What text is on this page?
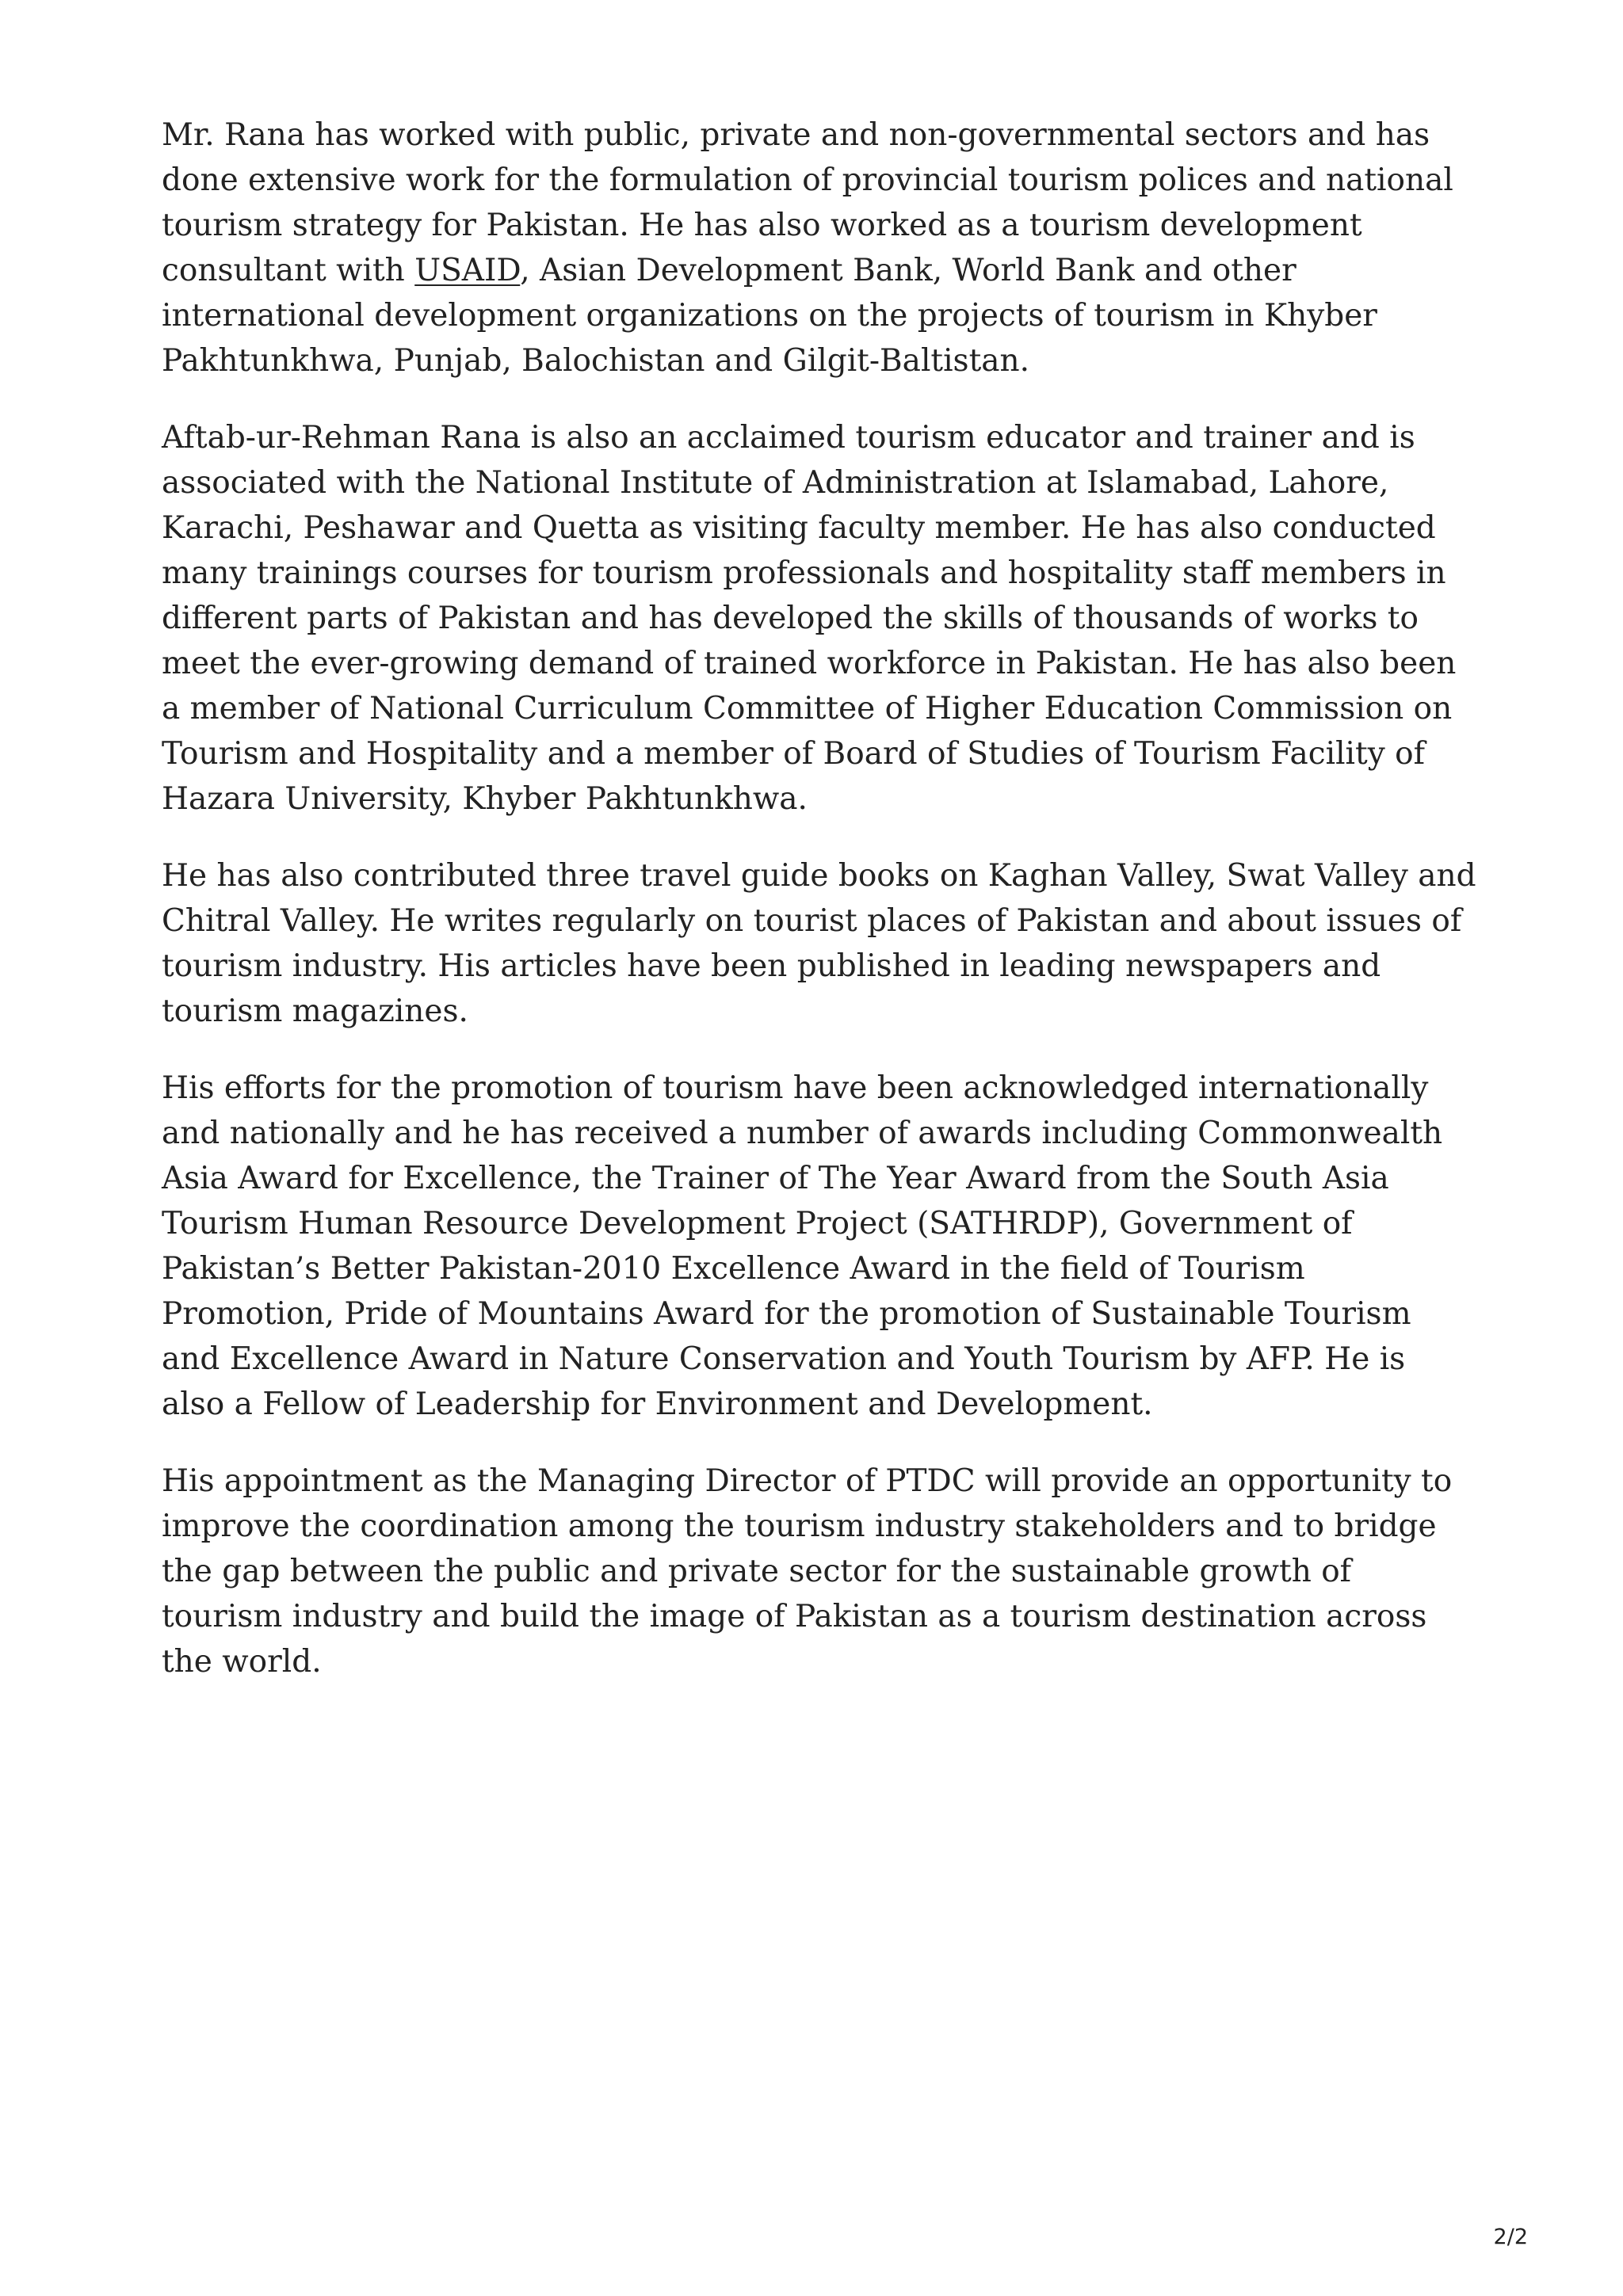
Mr. Rana has worked with public, private and non-governmental sectors and has done extensive work for the formulation of provincial tourism polices and national tourism strategy for Pakistan. He has also worked as a tourism development consultant with USAID, Asian Development Bank, World Bank and other international development organizations on the projects of tourism in Khyber Pakhtunkhwa, Punjab, Balochistan and Gilgit-Baltistan.

Aftab-ur-Rehman Rana is also an acclaimed tourism educator and trainer and is associated with the National Institute of Administration at Islamabad, Lahore, Karachi, Peshawar and Quetta as visiting faculty member. He has also conducted many trainings courses for tourism professionals and hospitality staff members in different parts of Pakistan and has developed the skills of thousands of works to meet the ever-growing demand of trained workforce in Pakistan. He has also been a member of National Curriculum Committee of Higher Education Commission on Tourism and Hospitality and a member of Board of Studies of Tourism Facility of Hazara University, Khyber Pakhtunkhwa.

He has also contributed three travel guide books on Kaghan Valley, Swat Valley and Chitral Valley. He writes regularly on tourist places of Pakistan and about issues of tourism industry. His articles have been published in leading newspapers and tourism magazines.

His efforts for the promotion of tourism have been acknowledged internationally and nationally and he has received a number of awards including Commonwealth Asia Award for Excellence, the Trainer of The Year Award from the South Asia Tourism Human Resource Development Project (SATHRDP), Government of Pakistan’s Better Pakistan-2010 Excellence Award in the field of Tourism Promotion, Pride of Mountains Award for the promotion of Sustainable Tourism and Excellence Award in Nature Conservation and Youth Tourism by AFP. He is also a Fellow of Leadership for Environment and Development.

His appointment as the Managing Director of PTDC will provide an opportunity to improve the coordination among the tourism industry stakeholders and to bridge the gap between the public and private sector for the sustainable growth of tourism industry and build the image of Pakistan as a tourism destination across the world.

2/2
